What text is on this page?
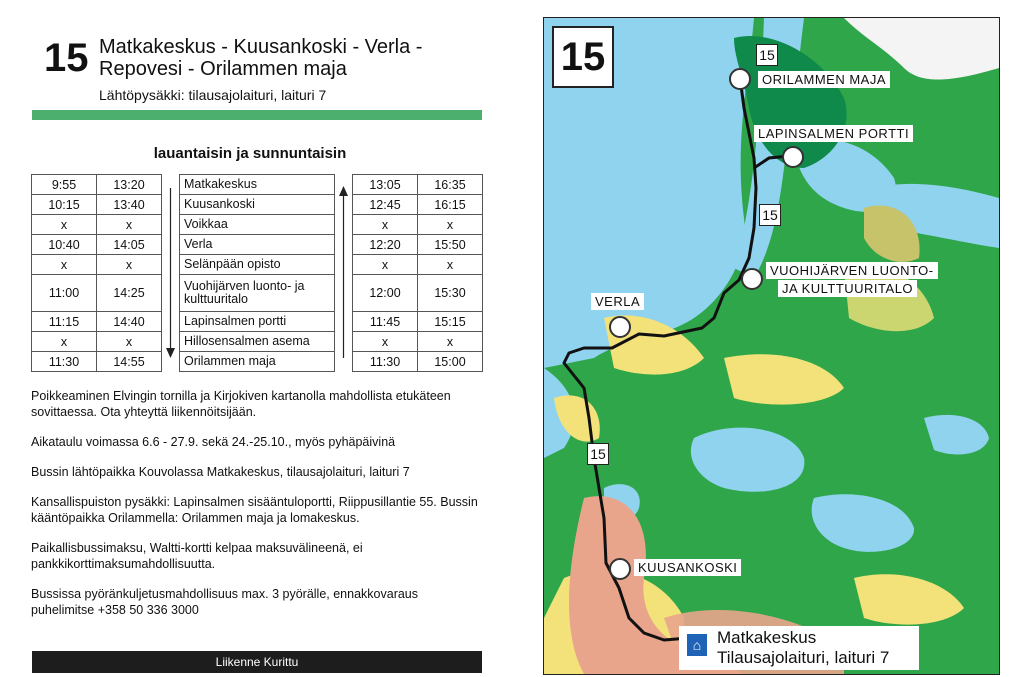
15 Matkakeskus - Kuusankoski - Verla - Repovesi - Orilammen maja
Lähtöpysäkki: tilausajolaituri, laituri 7
lauantaisin ja sunnuntaisin
9:55	13:20		Matkakeskus		13:05	16:35
10:15	13:40		Kuusankoski		12:45	16:15
x	x		Voikkaa		x	x
10:40	14:05		Verla		12:20	15:50
x	x		Selänpään opisto		x	x
11:00	14:25		Vuohijärven luonto- ja kulttuuritalo		12:00	15:30
11:15	14:40		Lapinsalmen portti		11:45	15:15
x	x		Hillosensalmen asema		x	x
11:30	14:55		Orilammen maja		11:30	15:00

Poikkeaminen Elvingin tornilla ja Kirjokiven kartanolla mahdollista etukäteen sovittaessa. Ota yhteyttä liikennöitsijään.

Aikataulu voimassa 6.6 - 27.9. sekä 24.-25.10., myös pyhäpäivinä

Bussin lähtöpaikka Kouvolassa Matkakeskus, tilausajolaituri, laituri 7

Kansallispuiston pysäkki: Lapinsalmen sisääntuloportti, Riippusillantie 55. Bussin kääntöpaikka Orilammella: Orilammen maja ja lomakeskus.

Paikallisbussimaksu, Waltti-kortti kelpaa maksuvälineenä, ei pankkikorttimaksumahdollisuutta.

Bussissa pyöränkuljetusmahdollisuus max. 3 pyörälle, ennakkovaraus puhelimitse +358 50 336 3000

Liikenne Kurittu
15	15
15
15
ORILAMMEN MAJA
LAPINSALMEN PORTTI
VUOHIJÄRVEN LUONTO-
JA KULTTUURITALO
VERLA
KUUSANKOSKI
⌂ Matkakeskus
Tilausajolaituri, laituri 7
